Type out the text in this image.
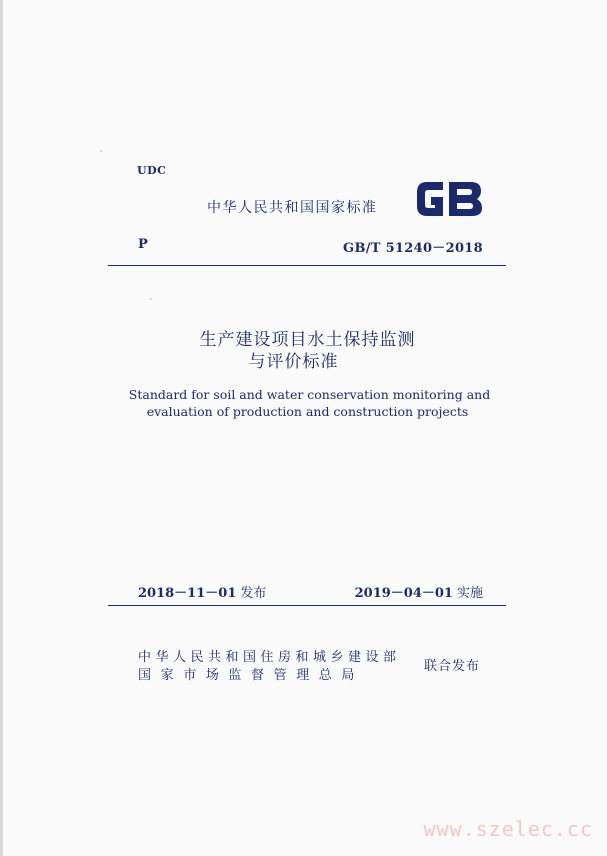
UDC
中华人民共和国国家标准
P	GB/T 51240－2018
生产建设项目水土保持监测
与评价标准
Standard for soil and water conservation monitoring and
evaluation of production and construction projects
2018－11－01 发布	2019－04－01 实施
中华人民共和国住房和城乡建设部
国家市场监督管理总局
联合发布
www.szelec.cc
